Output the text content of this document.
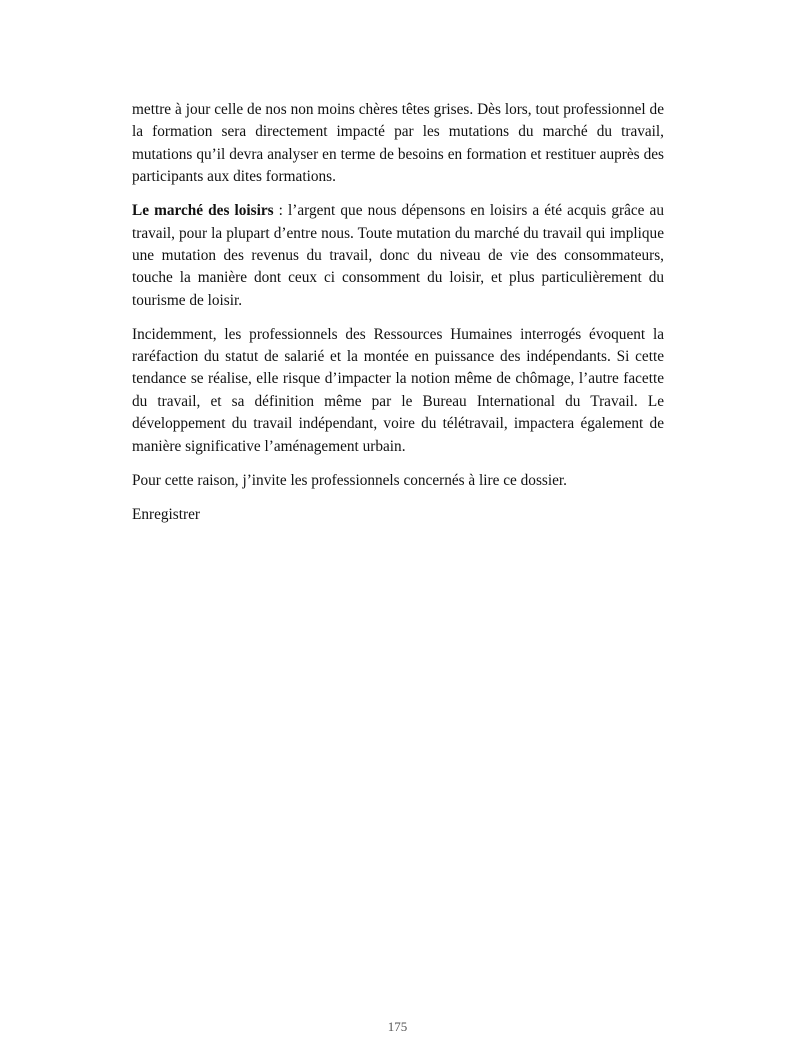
mettre à jour celle de nos non moins chères têtes grises. Dès lors, tout professionnel de la formation sera directement impacté par les mutations du marché du travail, mutations qu’il devra analyser en terme de besoins en formation et restituer auprès des participants aux dites formations.

Le marché des loisirs : l’argent que nous dépensons en loisirs a été acquis grâce au travail, pour la plupart d’entre nous. Toute mutation du marché du travail qui implique une mutation des revenus du travail, donc du niveau de vie des consommateurs, touche la manière dont ceux ci consomment du loisir, et plus particulièrement du tourisme de loisir.

Incidemment, les professionnels des Ressources Humaines interrogés évoquent la raréfaction du statut de salarié et la montée en puissance des indépendants. Si cette tendance se réalise, elle risque d’impacter la notion même de chômage, l’autre facette du travail, et sa définition même par le Bureau International du Travail. Le développement du travail indépendant, voire du télétravail, impactera également de manière significative l’aménagement urbain.

Pour cette raison, j’invite les professionnels concernés à lire ce dossier.

Enregistrer

175
